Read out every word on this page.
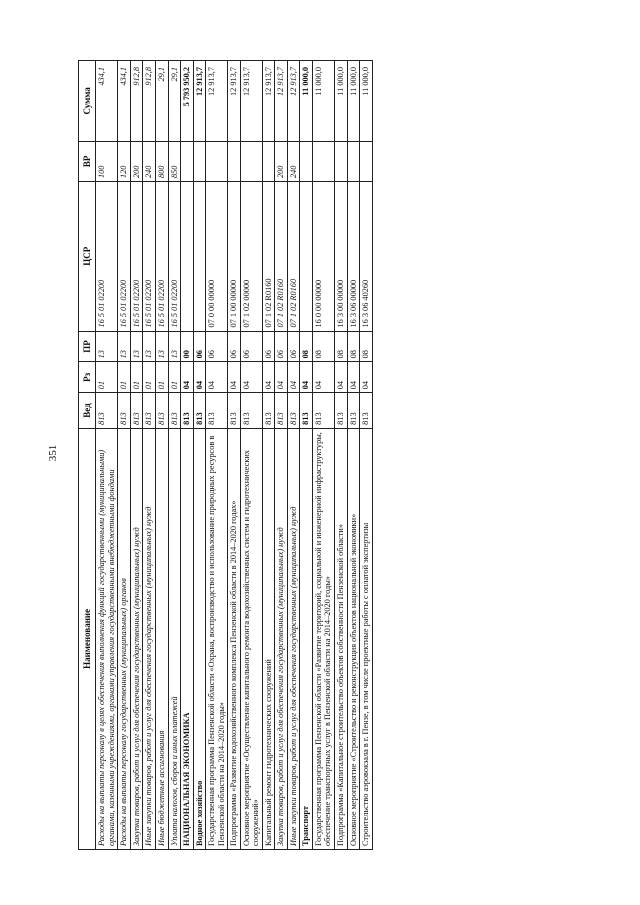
351
Наименование	Вед	Рз	ПР	ЦСР	ВР	Сумма
Расходы на выплаты персоналу в целях обеспечения выполнения функций государственными (муниципальными) органами, казенными учреждениями, органами управления государственными внебюджетными фондами	813	01	13	16 5 01 02200	100	434,1
Расходы на выплаты персоналу государственных (муниципальных) органов	813	01	13	16 5 01 02200	120	434,1
Закупка товаров, работ и услуг для обеспечения государственных (муниципальных) нужд	813	01	13	16 5 01 02200	200	912,8
Иные закупки товаров, работ и услуг для обеспечения государственных (муниципальных) нужд	813	01	13	16 5 01 02200	240	912,8
Иные бюджетные ассигнования	813	01	13	16 5 01 02200	800	29,1
Уплата налогов, сборов и иных платежей	813	01	13	16 5 01 02200	850	29,1
НАЦИОНАЛЬНАЯ ЭКОНОМИКА	813	04	00			5 793 950,2
Водное хозяйство	813	04	06			12 913,7
Государственная программа Пензенской области «Охрана, воспроизводство и использование природных ресурсов в Пензенской области на 2014–2020 годы»	813	04	06	07 0 00 00000		12 913,7
Подпрограмма «Развитие водохозяйственного комплекса Пензенской области в 2014–2020 годах»	813	04	06	07 1 00 00000		12 913,7
Основное мероприятие «Осуществление капитального ремонта водохозяйственных систем и гидротехнических сооружений»	813	04	06	07 1 02 00000		12 913,7
Капитальный ремонт гидротехнических сооружений	813	04	06	07 1 02 R0160		12 913,7
Закупка товаров, работ и услуг для обеспечения государственных (муниципальных) нужд	813	04	06	07 1 02 R0160	200	12 913,7
Иные закупки товаров, работ и услуг для обеспечения государственных (муниципальных) нужд	813	04	06	07 1 02 R0160	240	12 913,7
Транспорт	813	04	08			11 000,0
Государственная программа Пензенской области «Развитие территорий, социальной и инженерной инфраструктуры, обеспечение транспортных услуг в Пензенской области на 2014–2020 годы»	813	04	08	16 0 00 00000		11 000,0
Подпрограмма «Капитальное строительство объектов собственности Пензенской области»	813	04	08	16 3 00 00000		11 000,0
Основное мероприятие «Строительство и реконструкция объектов национальной экономики»	813	04	08	16 3 06 00000		11 000,0
Строительство аэровокзала в г. Пензе, в том числе проектные работы с оплатой экспертизы	813	04	08	16 3 06 40260		11 000,0
